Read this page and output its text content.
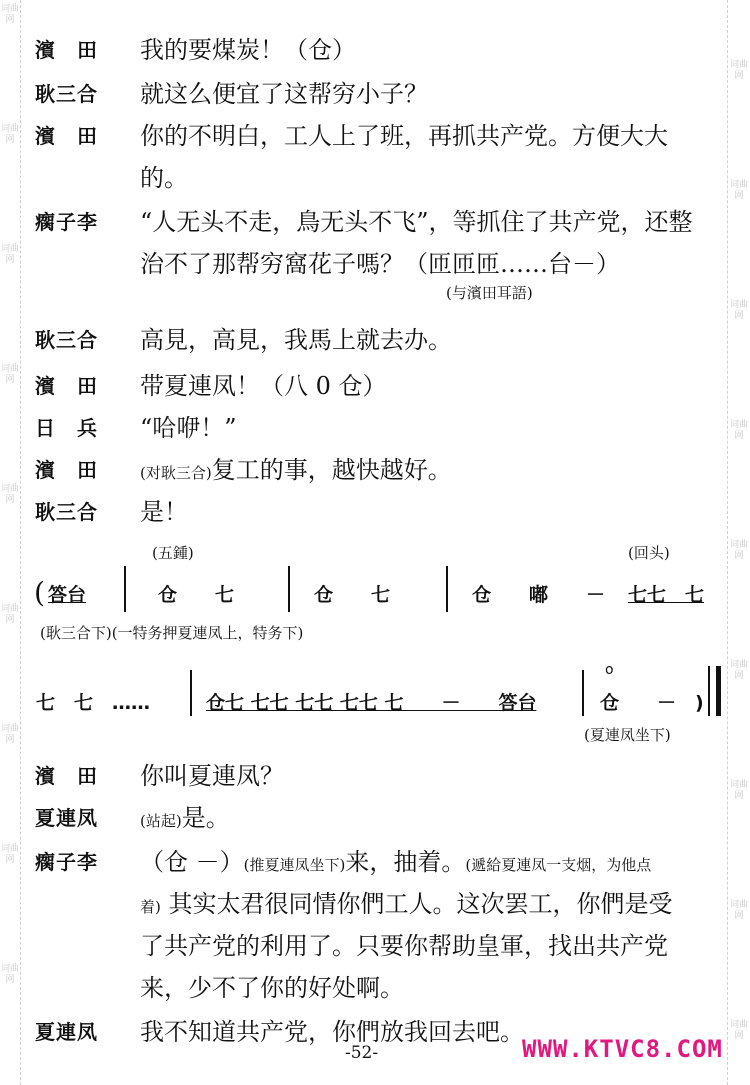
词曲网
词曲网
词曲网
词曲网
词曲网
词曲网
词曲网
词曲网
词曲网
词曲网
词曲网
词曲网
词曲网
词曲网
词曲网
词曲网
词曲网
词曲网
濱　田 我的要煤炭！（仓）
耿三合 就这么便宜了这帮穷小子？
濱　田 你的不明白，工人上了班，再抓共产党。方便大大
的。
瘸子李 “人无头不走，鳥无头不飞”，等抓住了共产党，还整
治不了那帮穷窩花子嗎？（匝匝匝……台－）
(与濱田耳語)
耿三合 高見，高見，我馬上就去办。
濱　田 带夏連凤！（八 0 仓）
日　兵 “哈咿！”
濱　田	(对耿三合)复工的事，越快越好。
耿三合 是！
(五鍾)	(回头)
( 答台	仓　　七	仓　　七	仓　　嘟　　－ 七七　七
(耿三合下)(一特务押夏連凤上，特务下)
七　七　……	仓七 七七 七七 七七 七　　－　　答台
o
仓　　－　)
(夏連凤坐下)
濱　田 你叫夏連凤？
夏連凤	(站起)是。
瘸子李 （仓 －）(推夏連凤坐下)来，抽着。(遞給夏連凤一支烟，为他点
着) 其实太君很同情你們工人。这次罢工，你們是受
了共产党的利用了。只要你帮助皇軍，找出共产党
来，少不了你的好处啊。
夏連凤 我不知道共产党，你們放我回去吧。
-52-	WWW.KTVC8.COM
